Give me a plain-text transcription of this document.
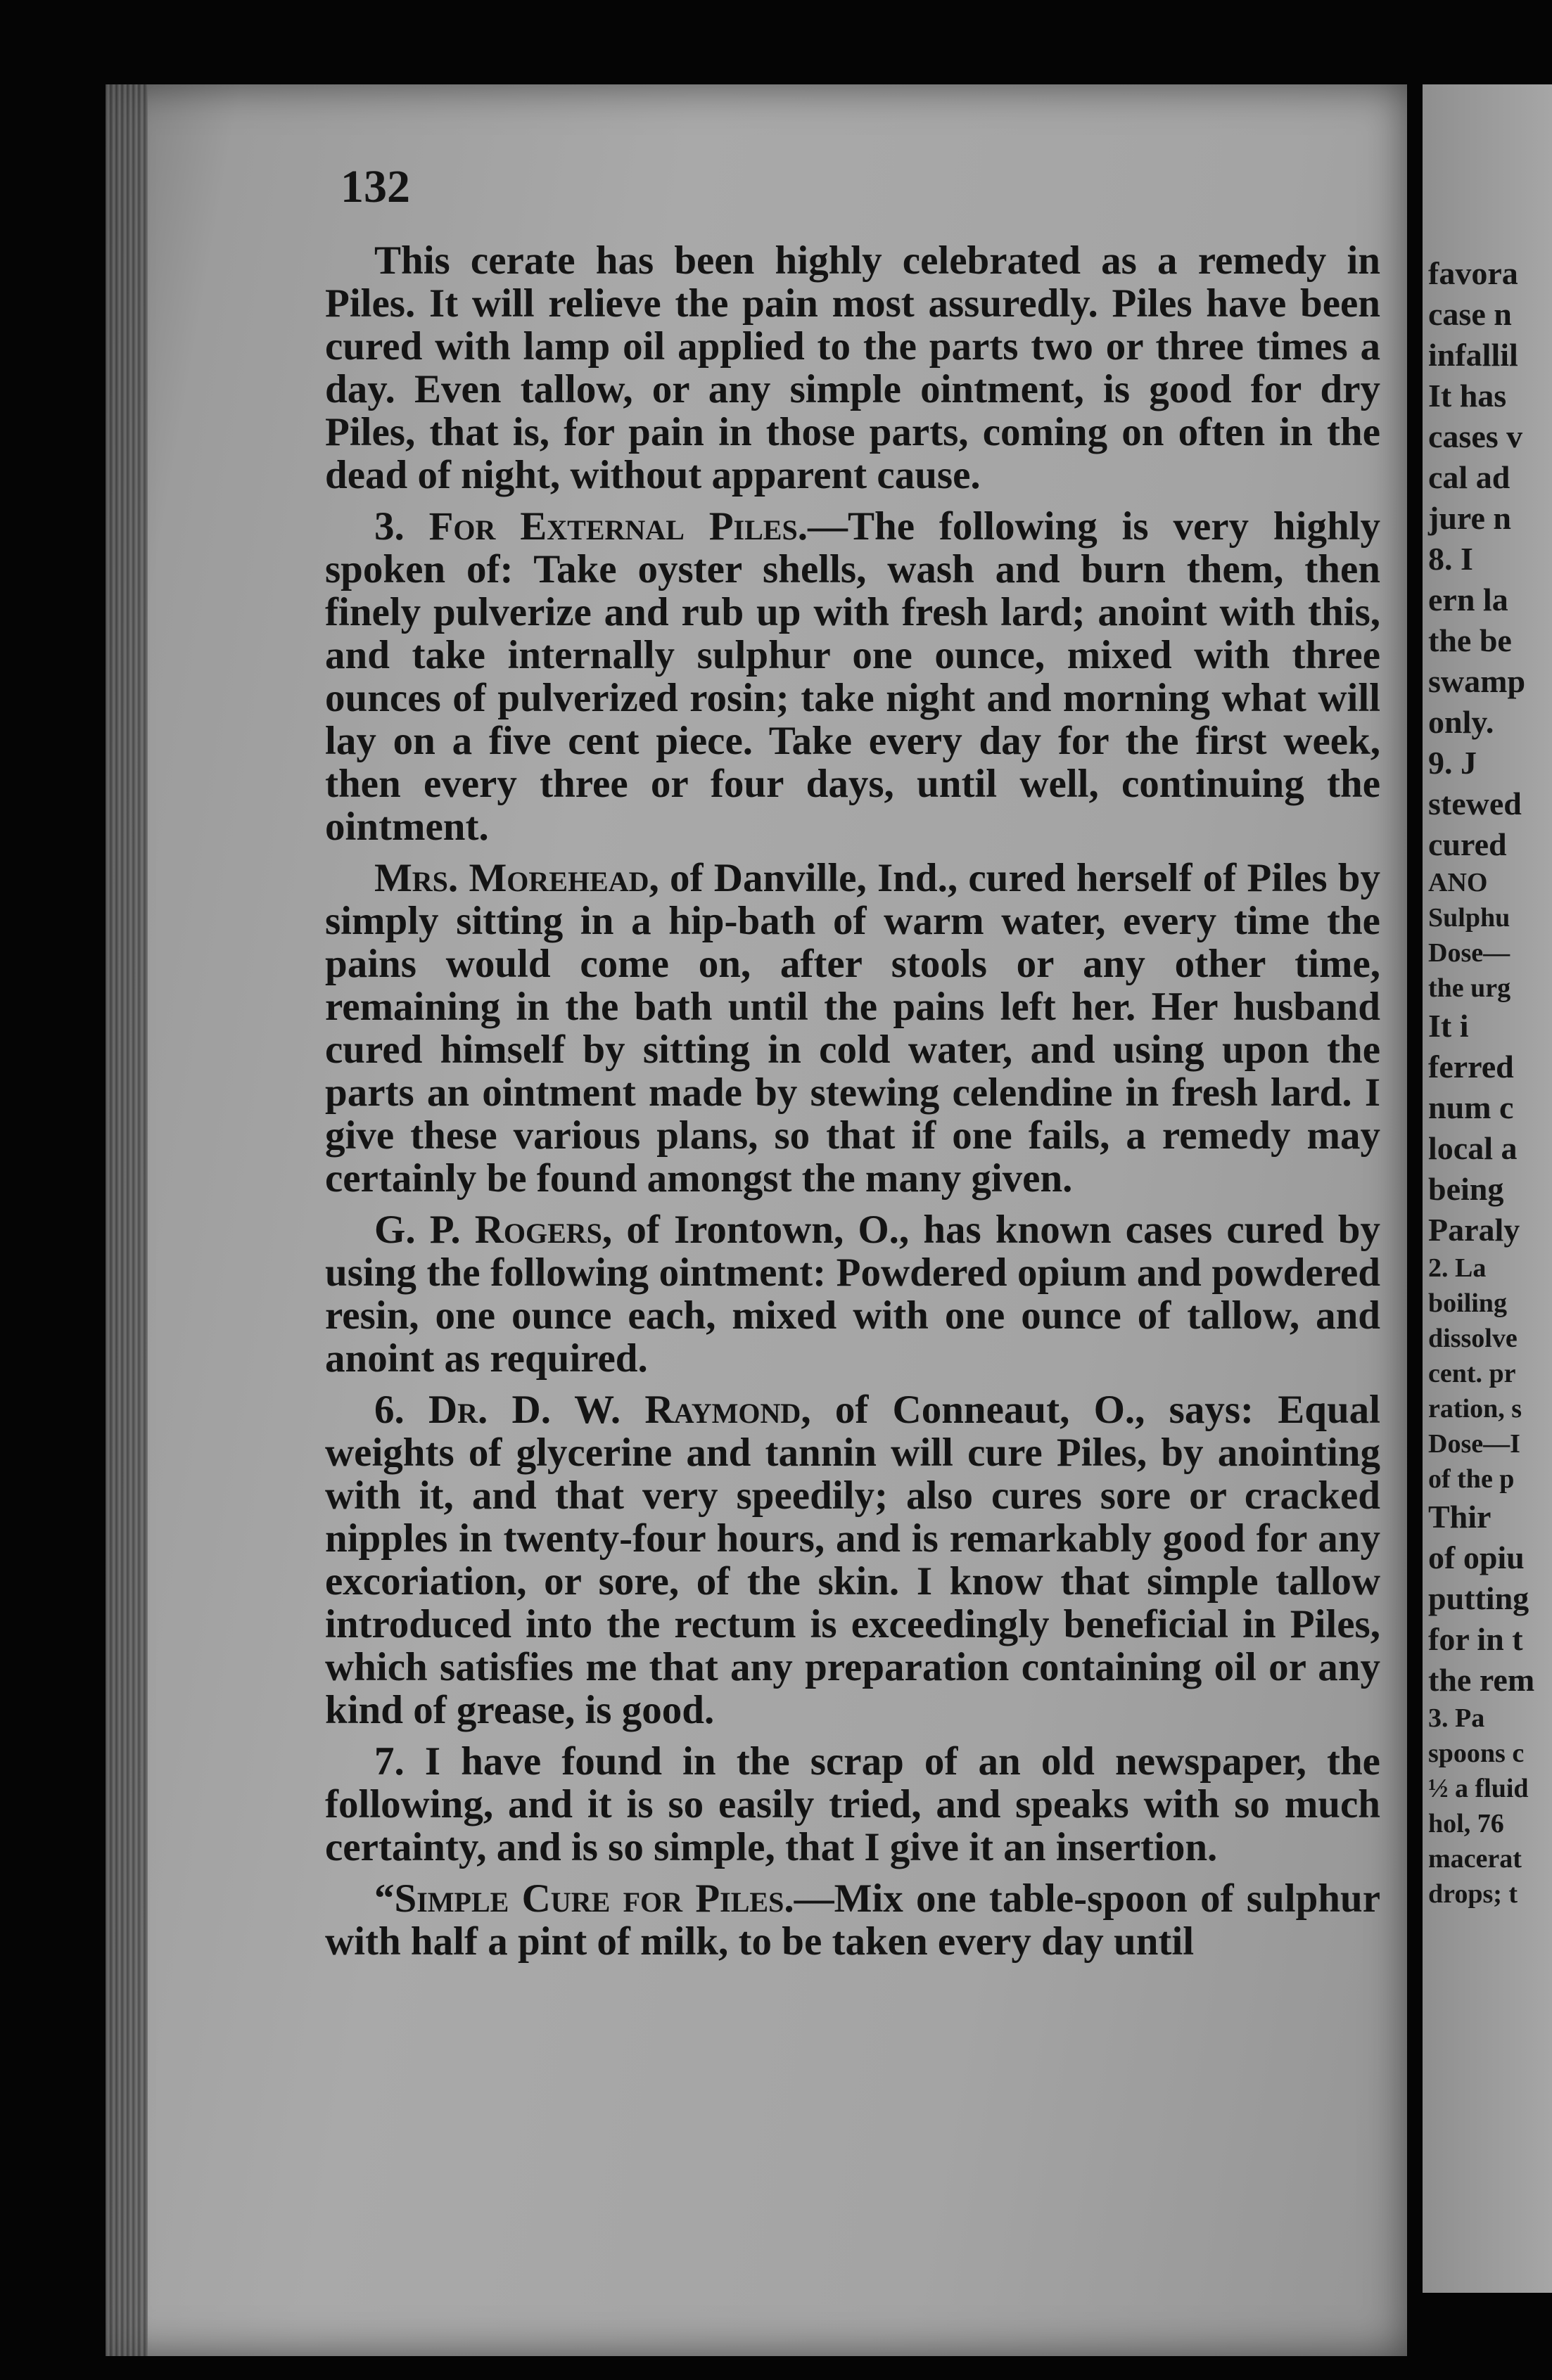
132

This cerate has been highly celebrated as a remedy in Piles. It will relieve the pain most assuredly. Piles have been cured with lamp oil applied to the parts two or three times a day. Even tallow, or any simple ointment, is good for dry Piles, that is, for pain in those parts, coming on often in the dead of night, without apparent cause.

3. For External Piles.—The following is very highly spoken of: Take oyster shells, wash and burn them, then finely pulverize and rub up with fresh lard; anoint with this, and take internally sulphur one ounce, mixed with three ounces of pulverized rosin; take night and morning what will lay on a five cent piece. Take every day for the first week, then every three or four days, until well, continuing the ointment.

Mrs. Morehead, of Danville, Ind., cured herself of Piles by simply sitting in a hip-bath of warm water, every time the pains would come on, after stools or any other time, remaining in the bath until the pains left her. Her husband cured himself by sitting in cold water, and using upon the parts an ointment made by stewing celendine in fresh lard. I give these various plans, so that if one fails, a remedy may certainly be found amongst the many given.

G. P. Rogers, of Irontown, O., has known cases cured by using the following ointment: Powdered opium and powdered resin, one ounce each, mixed with one ounce of tallow, and anoint as required.

6. Dr. D. W. Raymond, of Conneaut, O., says: Equal weights of glycerine and tannin will cure Piles, by anointing with it, and that very speedily; also cures sore or cracked nipples in twenty-four hours, and is remarkably good for any excoriation, or sore, of the skin. I know that simple tallow introduced into the rectum is exceedingly beneficial in Piles, which satisfies me that any preparation containing oil or any kind of grease, is good.

7. I have found in the scrap of an old newspaper, the following, and it is so easily tried, and speaks with so much certainty, and is so simple, that I give it an insertion.

“Simple Cure for Piles.—Mix one table-spoon of sulphur with half a pint of milk, to be taken every day until

favora
case n
infallil
It has
cases v
cal ad
jure n
8. I
ern la
the be
swamp
only.
9. J
stewed
cured
ANO
Sulphu
Dose—
the urg
It i
ferred
num c
local a
being
Paraly
2. La
boiling
dissolve
cent. pr
ration, s
Dose—I
of the p
Thir
of opiu
putting
for in t
the rem
3. Pa
spoons c
½ a fluid
hol, 76
macerat
drops; t
